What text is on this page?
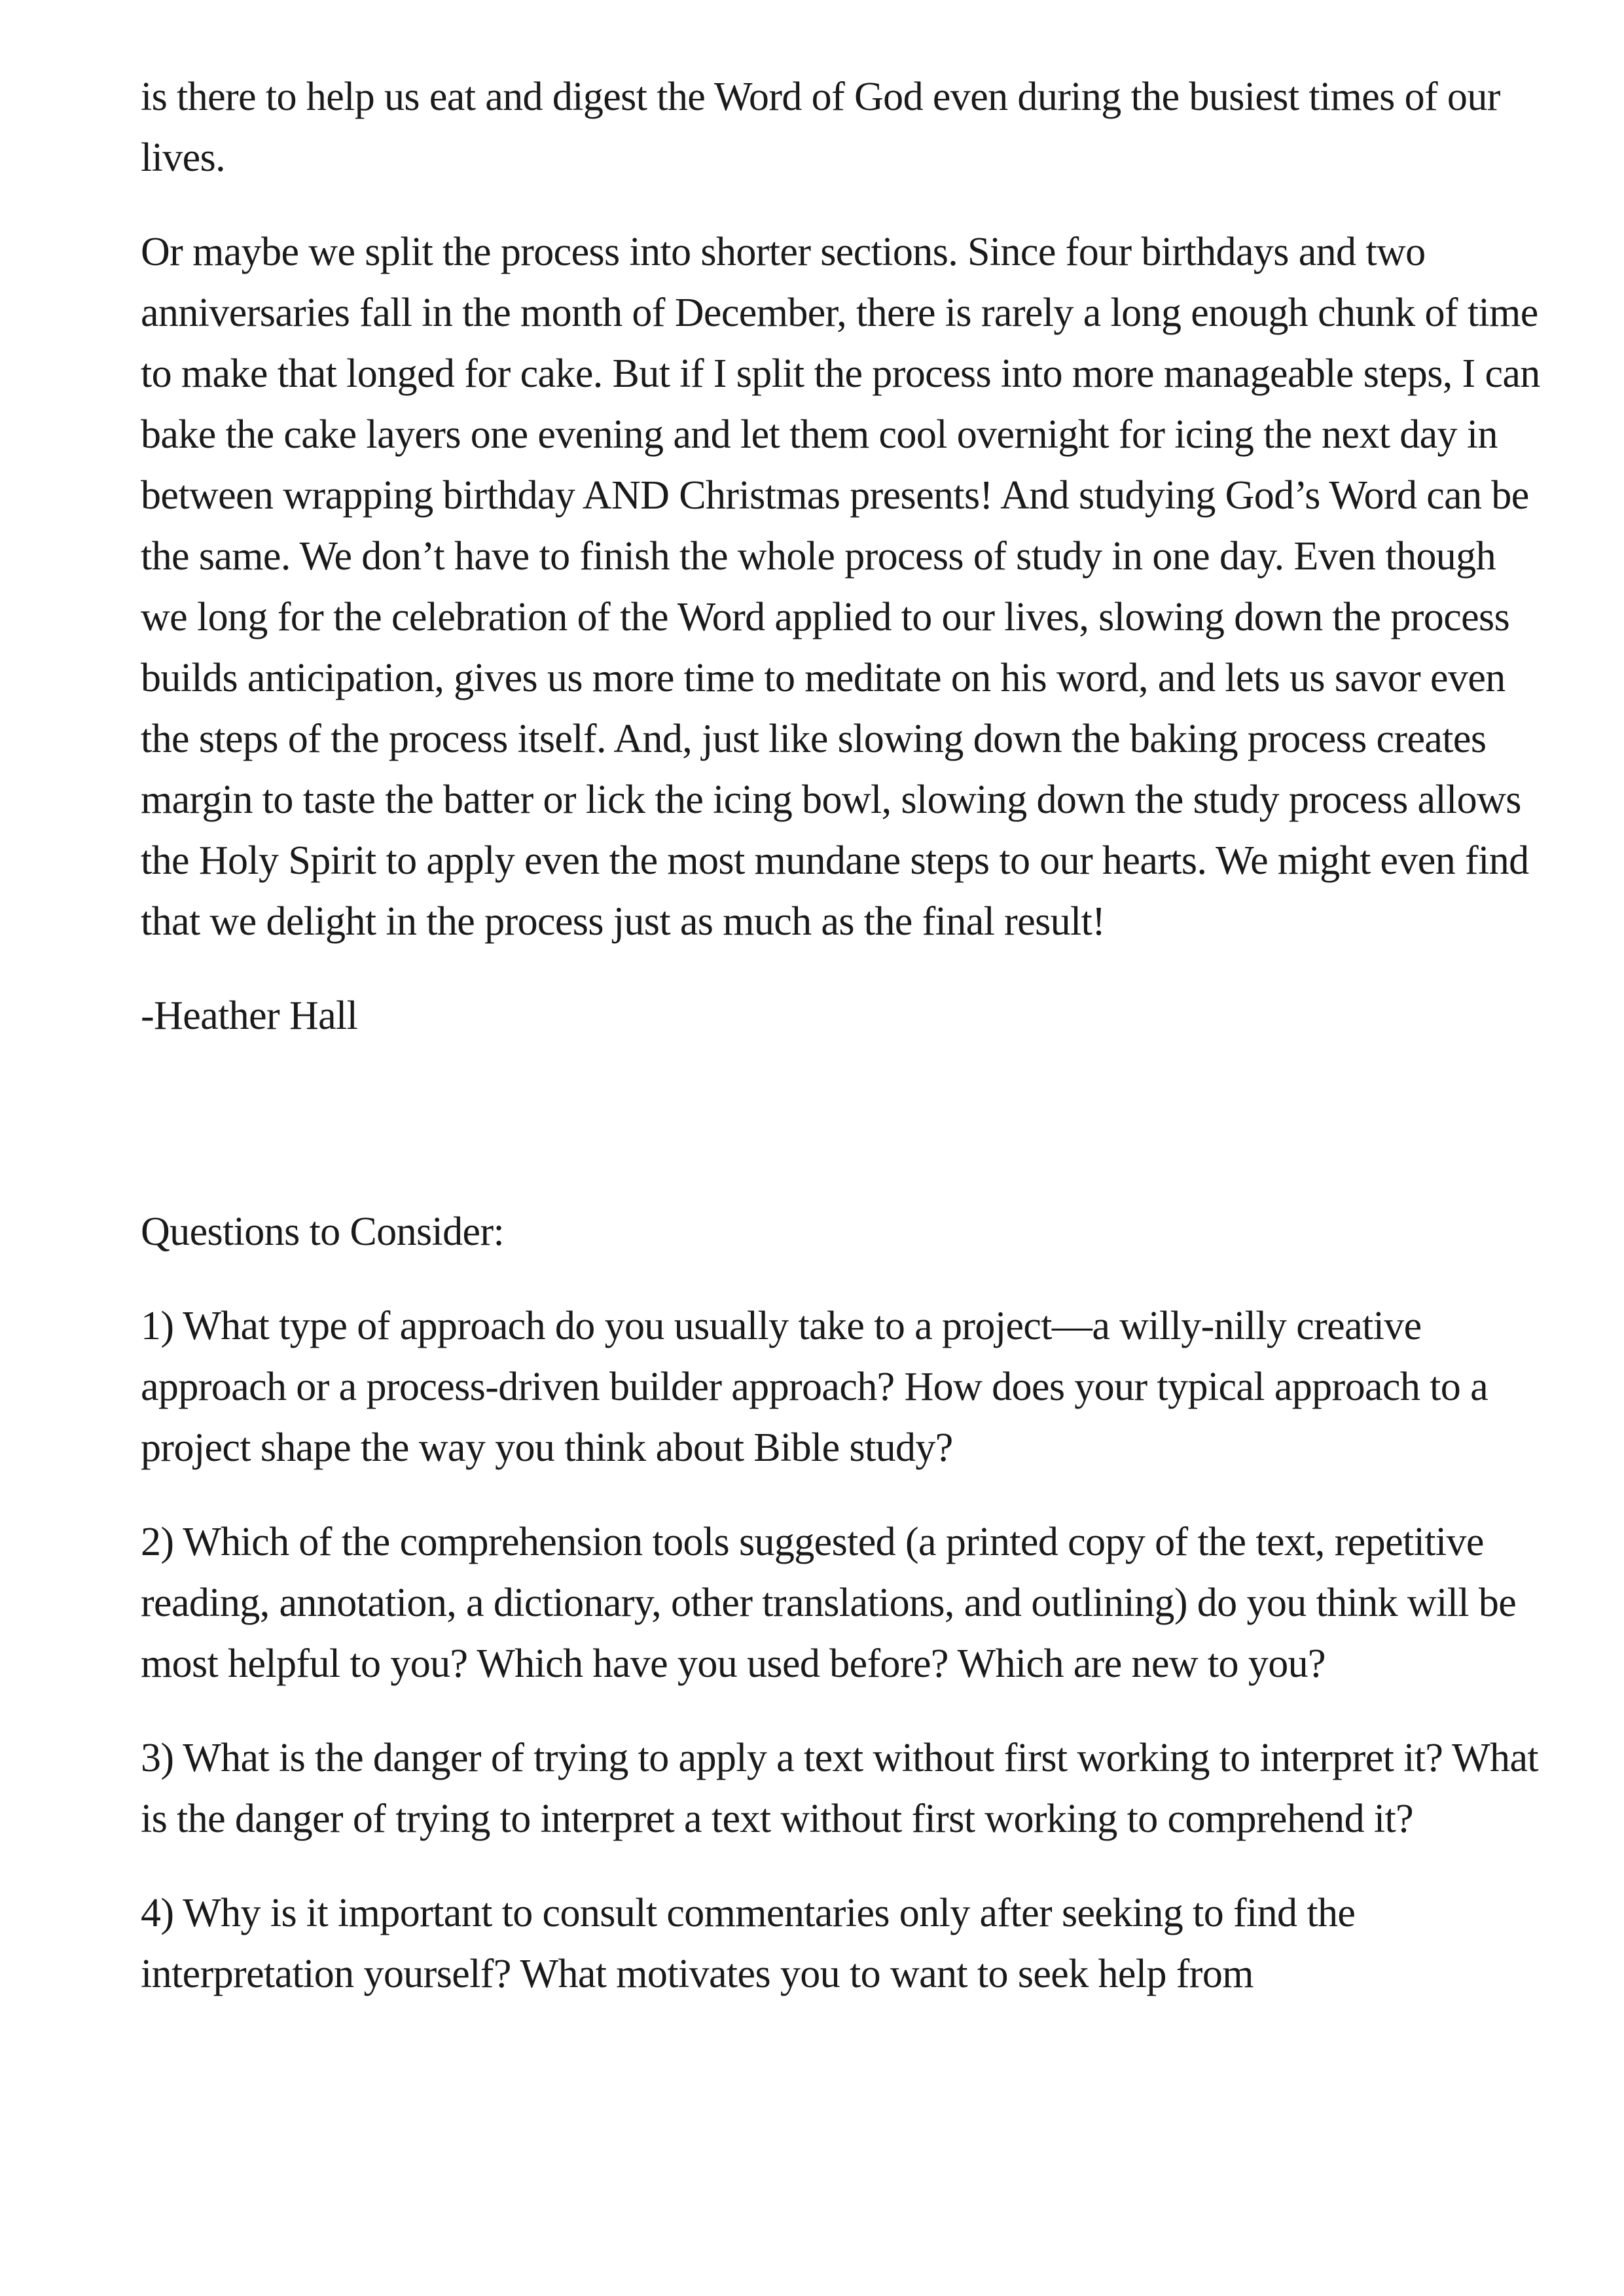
is there to help us eat and digest the Word of God even during the busiest times of our lives.

Or maybe we split the process into shorter sections. Since four birthdays and two anniversaries fall in the month of December, there is rarely a long enough chunk of time to make that longed for cake. But if I split the process into more manageable steps, I can bake the cake layers one evening and let them cool overnight for icing the next day in between wrapping birthday AND Christmas presents! And studying God’s Word can be the same. We don’t have to finish the whole process of study in one day. Even though we long for the celebration of the Word applied to our lives, slowing down the process builds anticipation, gives us more time to meditate on his word, and lets us savor even the steps of the process itself. And, just like slowing down the baking process creates margin to taste the batter or lick the icing bowl, slowing down the study process allows the Holy Spirit to apply even the most mundane steps to our hearts. We might even find that we delight in the process just as much as the final result!

-Heather Hall

Questions to Consider:

1) What type of approach do you usually take to a project—a willy-nilly creative approach or a process-driven builder approach? How does your typical approach to a project shape the way you think about Bible study?

2) Which of the comprehension tools suggested (a printed copy of the text, repetitive reading, annotation, a dictionary, other translations, and outlining) do you think will be most helpful to you? Which have you used before? Which are new to you?

3) What is the danger of trying to apply a text without first working to interpret it? What is the danger of trying to interpret a text without first working to comprehend it?

4) Why is it important to consult commentaries only after seeking to find the interpretation yourself? What motivates you to want to seek help from
